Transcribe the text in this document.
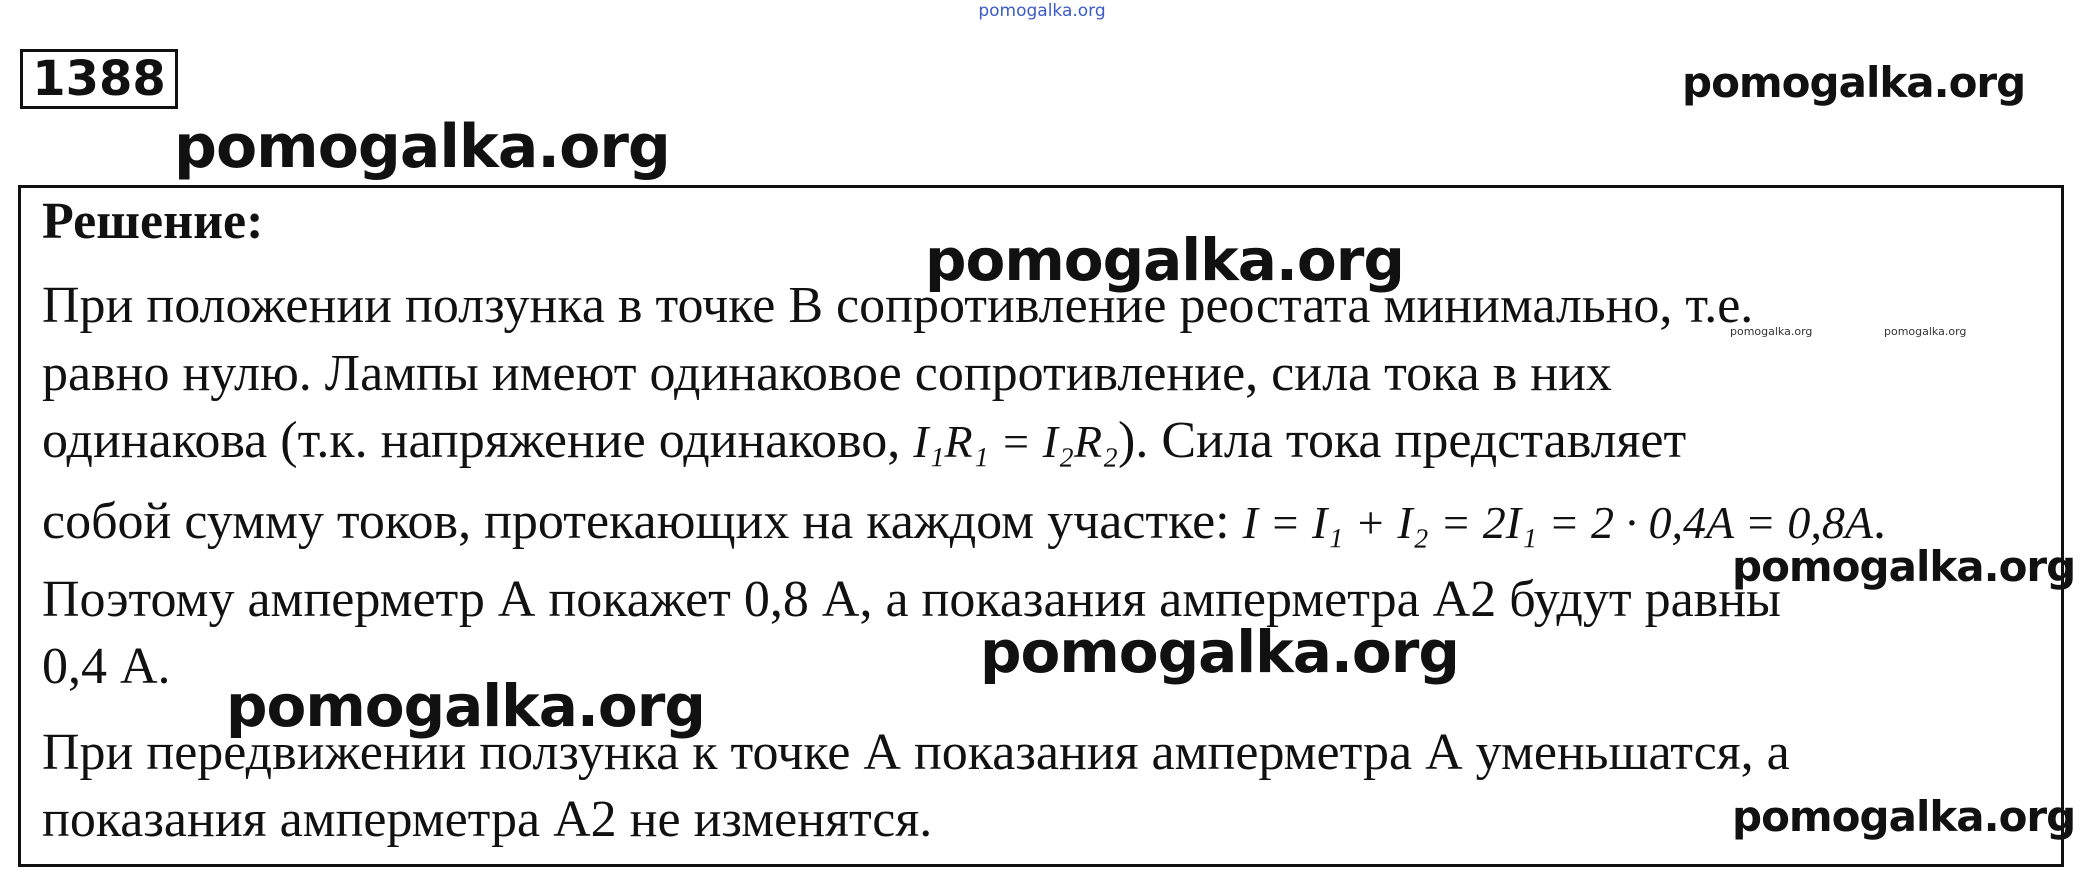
pomogalka.org
1388	pomogalka.org
pomogalka.org
Решение:
При положении ползунка в точке В сопротивление реостата минимально, т.е.
равно нулю. Лампы имеют одинаковое сопротивление, сила тока в них
одинакова (т.к. напряжение одинаково, I₁R₁ = I₂R₂). Сила тока представляет
собой сумму токов, протекающих на каждом участке: I = I₁ + I₂ = 2I₁ = 2 · 0,4A = 0,8A.
Поэтому амперметр А покажет 0,8 А, а показания амперметра А2 будут равны
0,4 А.
При передвижении ползунка к точке А показания амперметра А уменьшатся, а
показания амперметра А2 не изменятся.
pomogalka.org
pomogalka.org	pomogalka.org
pomogalka.org
pomogalka.org
pomogalka.org
pomogalka.org
